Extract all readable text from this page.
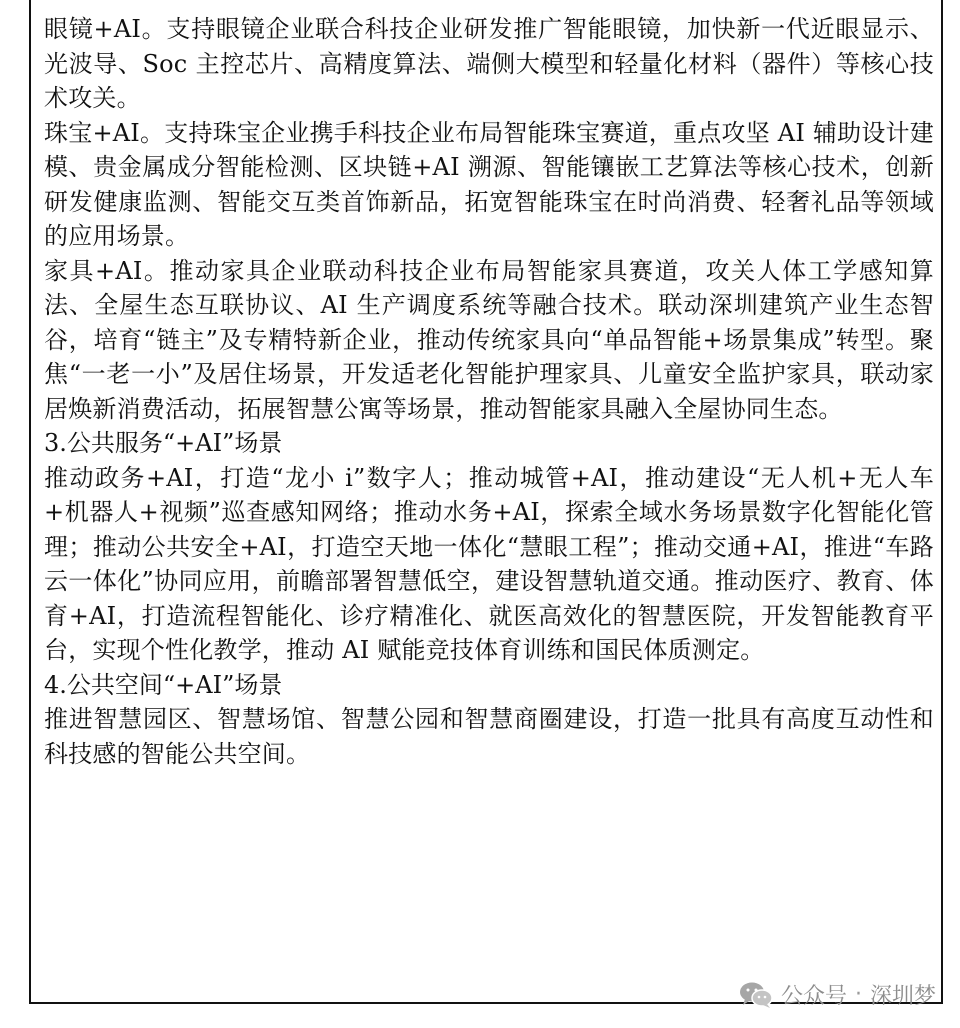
眼镜+AI。支持眼镜企业联合科技企业研发推广智能眼镜，加快新一代近眼显示、光波导、Soc 主控芯片、高精度算法、端侧大模型和轻量化材料（器件）等核心技术攻关。

珠宝+AI。支持珠宝企业携手科技企业布局智能珠宝赛道，重点攻坚 AI 辅助设计建模、贵金属成分智能检测、区块链+AI 溯源、智能镶嵌工艺算法等核心技术，创新研发健康监测、智能交互类首饰新品，拓宽智能珠宝在时尚消费、轻奢礼品等领域的应用场景。

家具+AI。推动家具企业联动科技企业布局智能家具赛道，攻关人体工学感知算法、全屋生态互联协议、AI 生产调度系统等融合技术。联动深圳建筑产业生态智谷，培育“链主”及专精特新企业，推动传统家具向“单品智能+场景集成”转型。聚焦“一老一小”及居住场景，开发适老化智能护理家具、儿童安全监护家具，联动家居焕新消费活动，拓展智慧公寓等场景，推动智能家具融入全屋协同生态。

3.公共服务“+AI”场景

推动政务+AI，打造“龙小 i”数字人；推动城管+AI，推动建设“无人机+无人车+机器人+视频”巡查感知网络；推动水务+AI，探索全域水务场景数字化智能化管理；推动公共安全+AI，打造空天地一体化“慧眼工程”；推动交通+AI，推进“车路云一体化”协同应用，前瞻部署智慧低空，建设智慧轨道交通。推动医疗、教育、体育+AI，打造流程智能化、诊疗精准化、就医高效化的智慧医院，开发智能教育平台，实现个性化教学，推动 AI 赋能竞技体育训练和国民体质测定。

4.公共空间“+AI”场景

推进智慧园区、智慧场馆、智慧公园和智慧商圈建设，打造一批具有高度互动性和科技感的智能公共空间。

公众号 · 深圳梦
